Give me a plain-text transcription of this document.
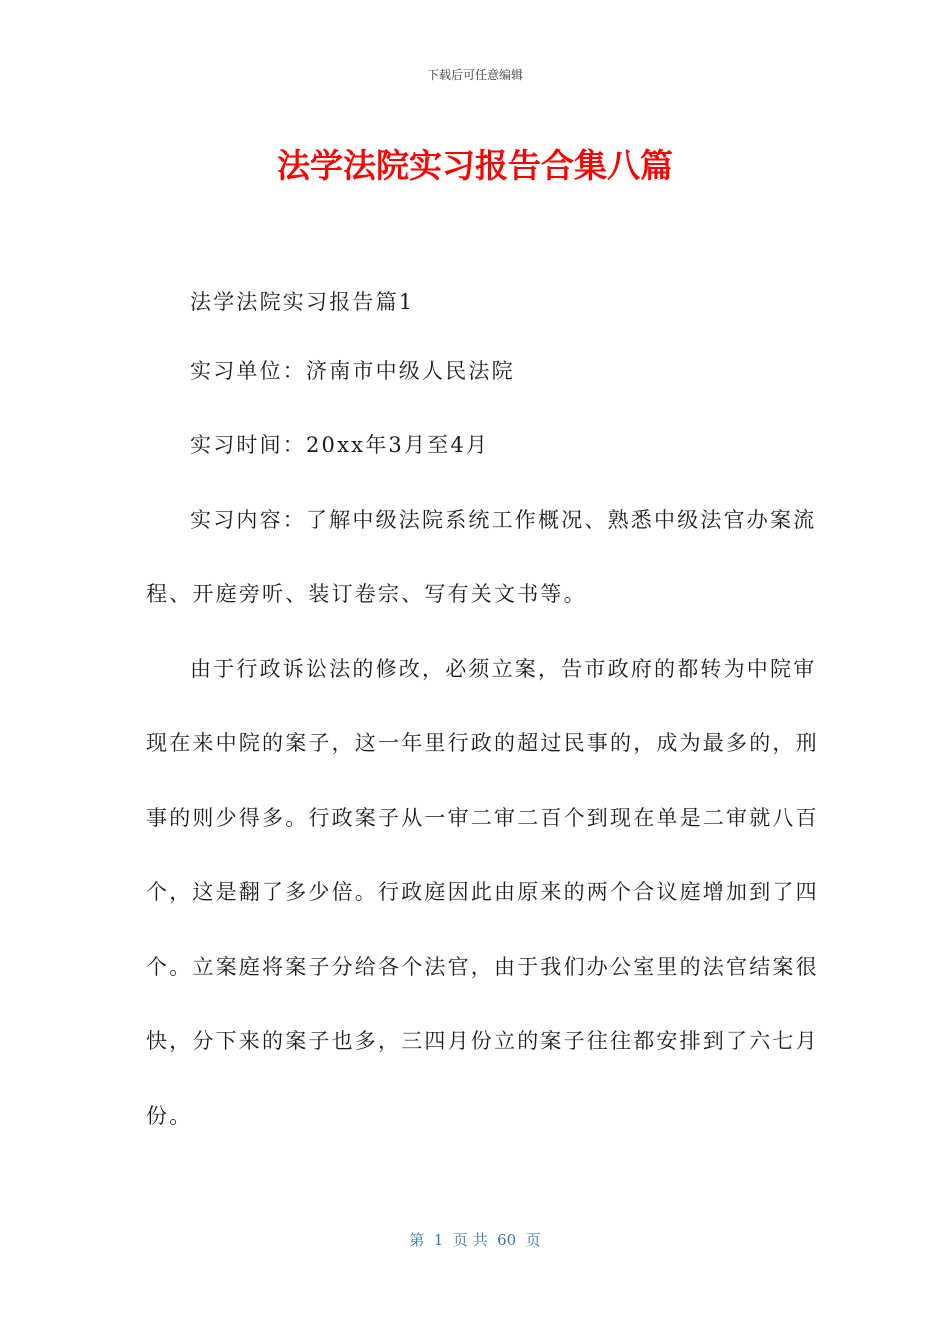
下载后可任意编辑
法学法院实习报告合集八篇

法学法院实习报告篇1

实习单位：济南市中级人民法院

实习时间：20xx年3月至4月

实习内容：了解中级法院系统工作概况、熟悉中级法官办案流

程、开庭旁听、装订卷宗、写有关文书等。

由于行政诉讼法的修改，必须立案，告市政府的都转为中院审

现在来中院的案子，这一年里行政的超过民事的，成为最多的，刑

事的则少得多。行政案子从一审二审二百个到现在单是二审就八百

个，这是翻了多少倍。行政庭因此由原来的两个合议庭增加到了四

个。立案庭将案子分给各个法官，由于我们办公室里的法官结案很

快，分下来的案子也多，三四月份立的案子往往都安排到了六七月

份。

第  1  页 共  60  页
